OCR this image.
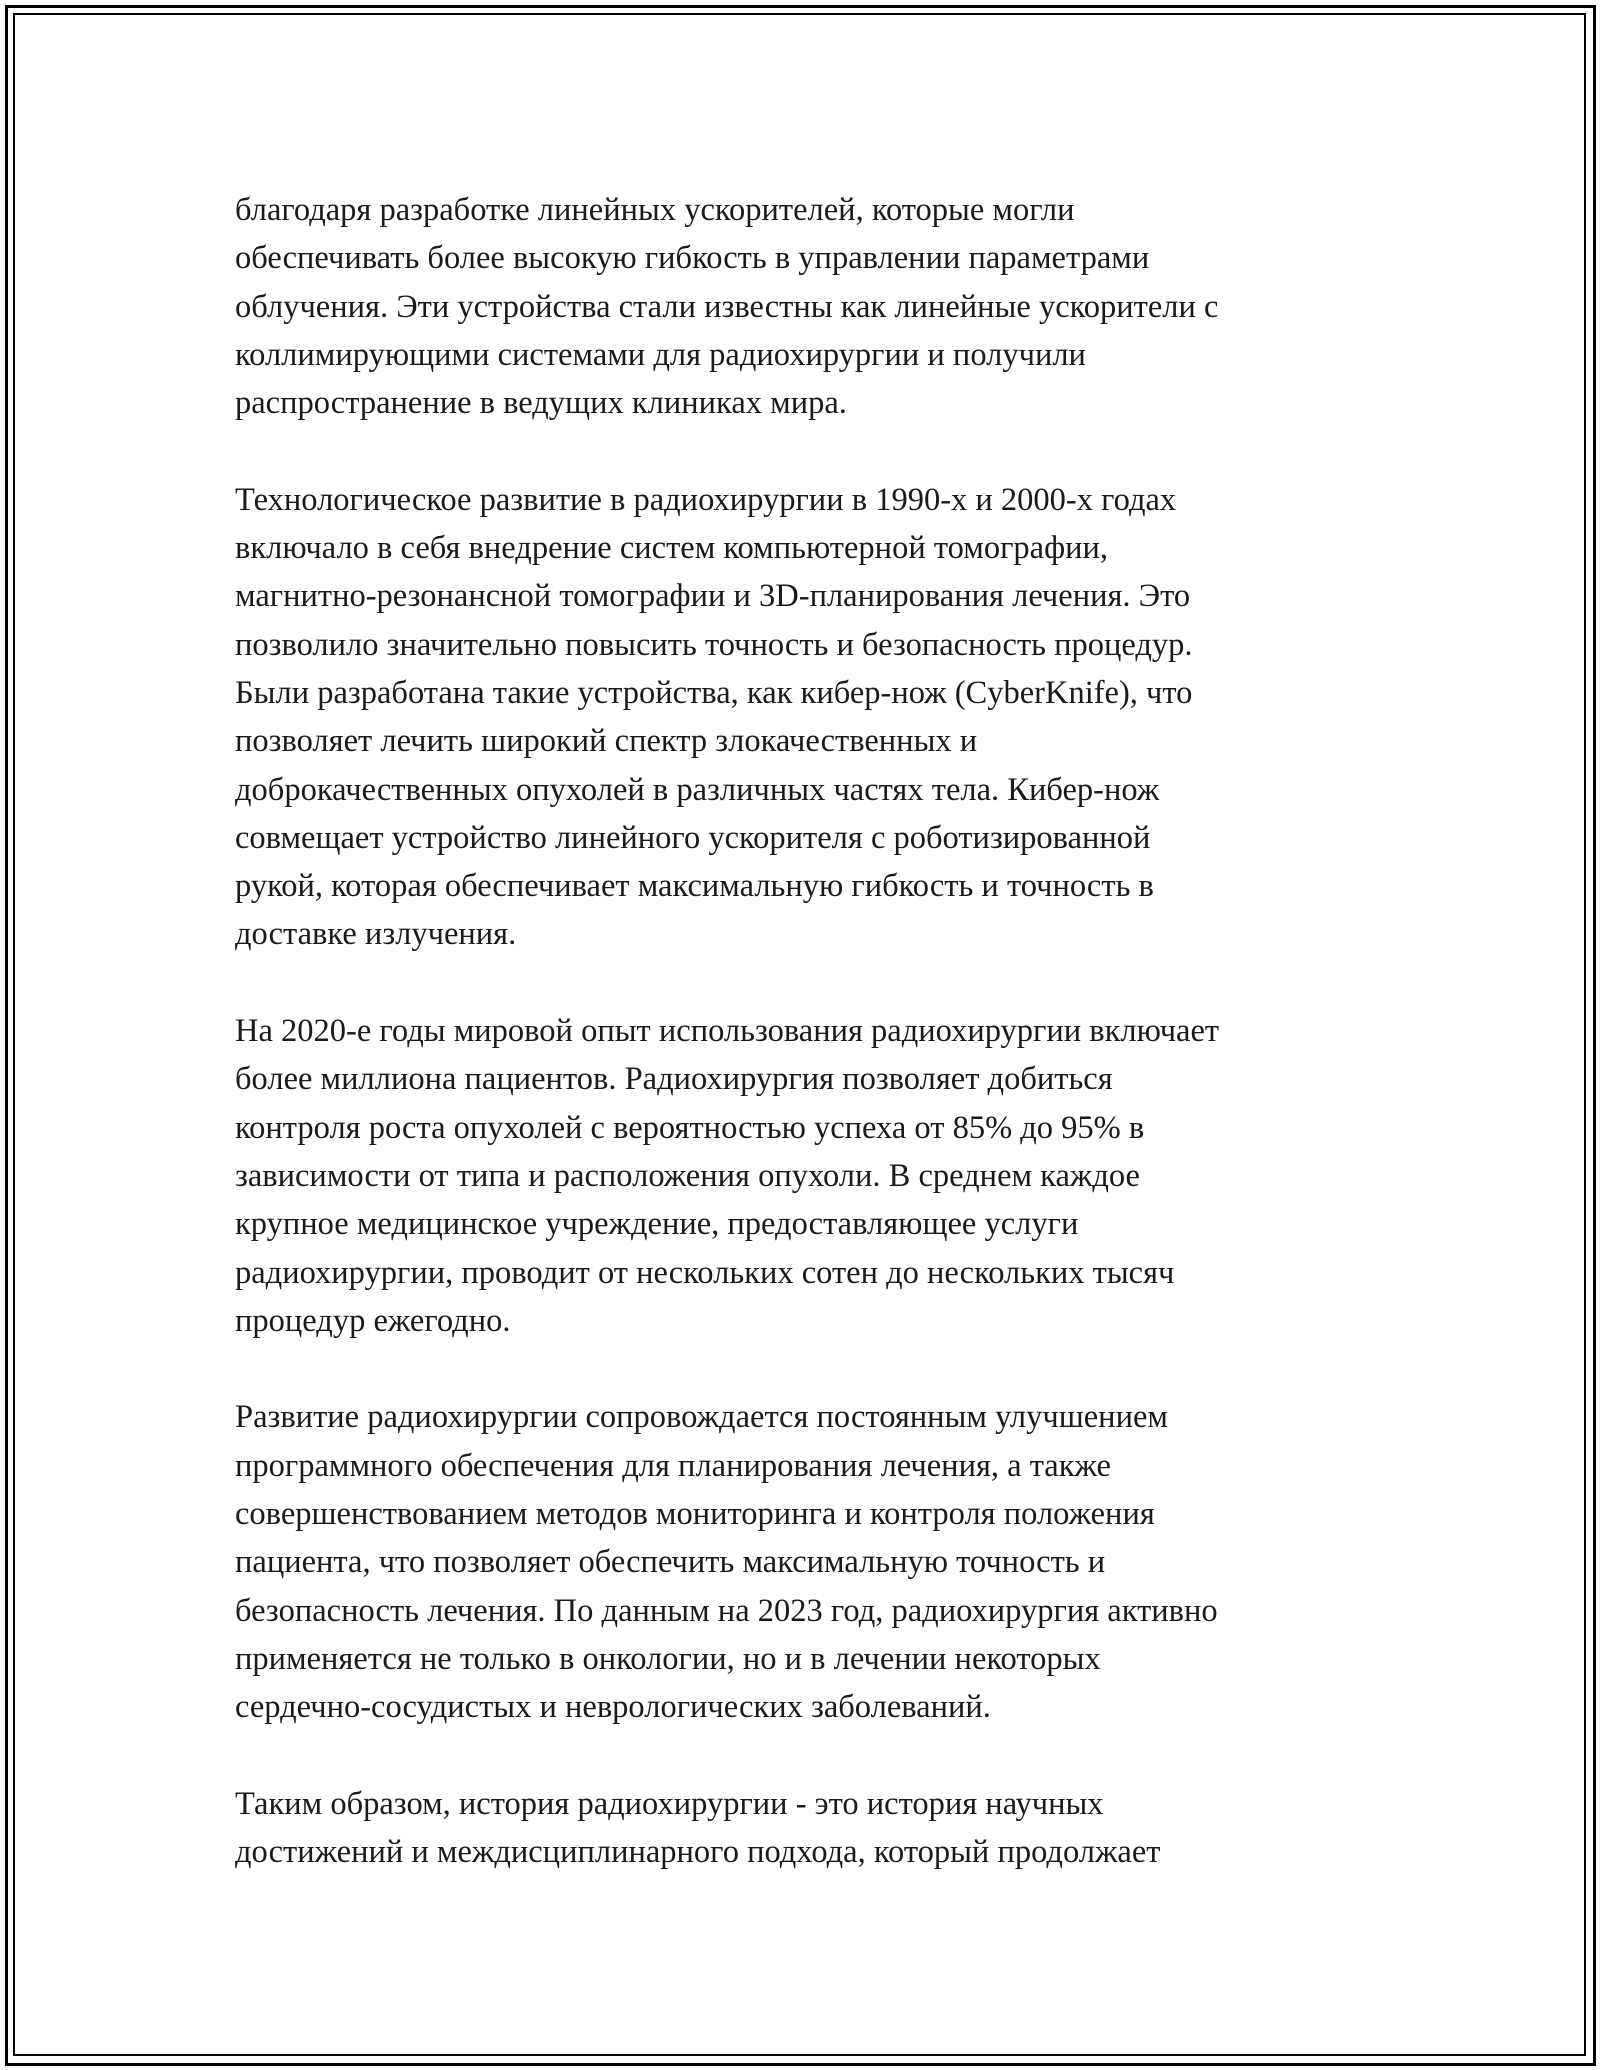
благодаря разработке линейных ускорителей, которые могли
обеспечивать более высокую гибкость в управлении параметрами
облучения. Эти устройства стали известны как линейные ускорители с
коллимирующими системами для радиохирургии и получили
распространение в ведущих клиниках мира.
Технологическое развитие в радиохирургии в 1990-х и 2000-х годах
включало в себя внедрение систем компьютерной томографии,
магнитно-резонансной томографии и 3D-планирования лечения. Это
позволило значительно повысить точность и безопасность процедур.
Были разработана такие устройства, как кибер-нож (CyberKnife), что
позволяет лечить широкий спектр злокачественных и
доброкачественных опухолей в различных частях тела. Кибер-нож
совмещает устройство линейного ускорителя с роботизированной
рукой, которая обеспечивает максимальную гибкость и точность в
доставке излучения.
На 2020-е годы мировой опыт использования радиохирургии включает
более миллиона пациентов. Радиохирургия позволяет добиться
контроля роста опухолей с вероятностью успеха от 85% до 95% в
зависимости от типа и расположения опухоли. В среднем каждое
крупное медицинское учреждение, предоставляющее услуги
радиохирургии, проводит от нескольких сотен до нескольких тысяч
процедур ежегодно.
Развитие радиохирургии сопровождается постоянным улучшением
программного обеспечения для планирования лечения, а также
совершенствованием методов мониторинга и контроля положения
пациента, что позволяет обеспечить максимальную точность и
безопасность лечения. По данным на 2023 год, радиохирургия активно
применяется не только в онкологии, но и в лечении некоторых
сердечно-сосудистых и неврологических заболеваний.
Таким образом, история радиохирургии - это история научных
достижений и междисциплинарного подхода, который продолжает
